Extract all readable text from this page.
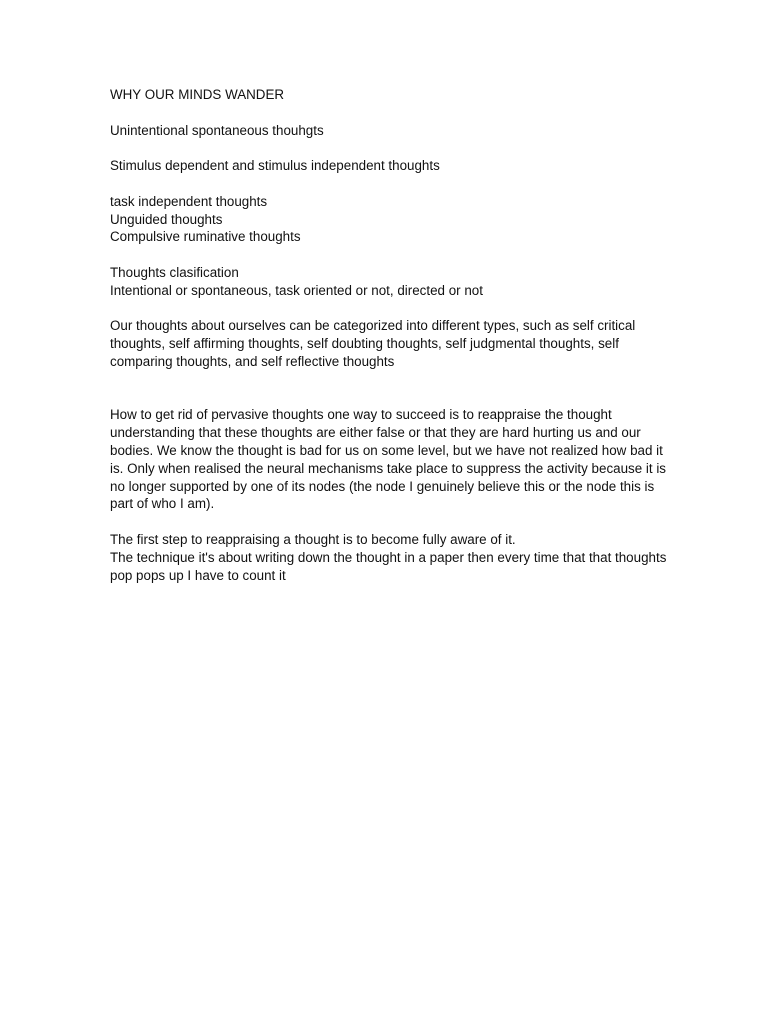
WHY OUR MINDS WANDER
Unintentional spontaneous thouhgts
Stimulus dependent and stimulus independent thoughts
task independent thoughts
Unguided thoughts
Compulsive ruminative thoughts
Thoughts clasification
Intentional or spontaneous, task oriented or not, directed or not

Our thoughts about ourselves can be categorized into different types, such as self critical thoughts, self affirming thoughts, self doubting thoughts, self judgmental thoughts, self comparing thoughts, and self reflective thoughts

How to get rid of pervasive thoughts one way to succeed is to reappraise the thought understanding that these thoughts are either false or that they are hard hurting us and our bodies. We know the thought is bad for us on some level, but we have not realized how bad it is. Only when realised the neural mechanisms take place to suppress the activity because it is no longer supported by one of its nodes (the node I genuinely believe this or the node this is part of who I am).

The first step to reappraising a thought is to become fully aware of it.
The technique it's about writing down the thought in a paper then every time that that thoughts pop pops up I have to count it
